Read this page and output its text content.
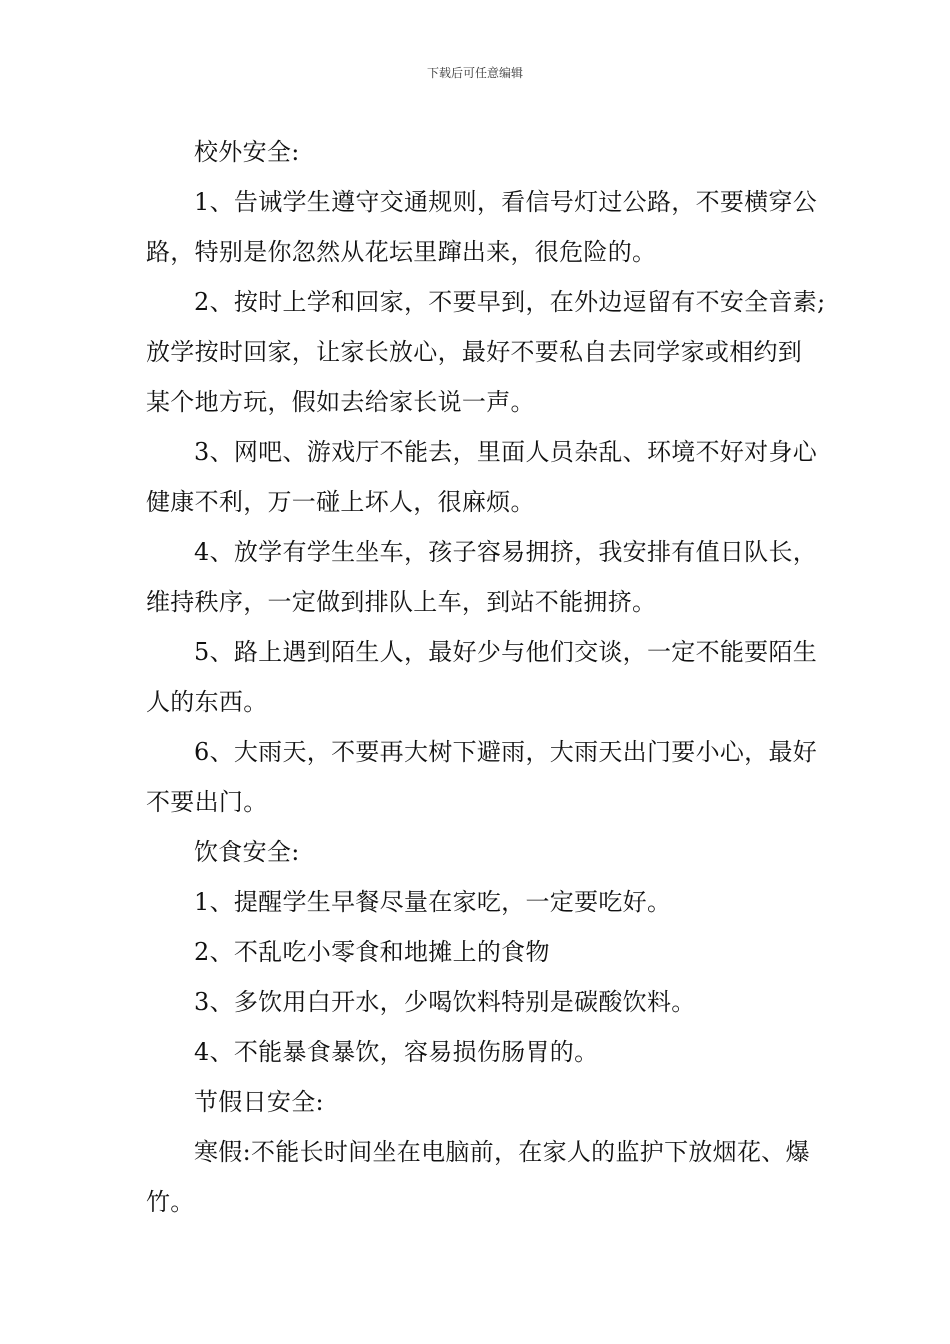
下载后可任意编辑

校外安全:

1、告诫学生遵守交通规则，看信号灯过公路，不要横穿公路，特别是你忽然从花坛里蹿出来，很危险的。

2、按时上学和回家，不要早到，在外边逗留有不安全音素;放学按时回家，让家长放心，最好不要私自去同学家或相约到某个地方玩，假如去给家长说一声。

3、网吧、游戏厅不能去，里面人员杂乱、环境不好对身心健康不利，万一碰上坏人，很麻烦。

4、放学有学生坐车，孩子容易拥挤，我安排有值日队长，维持秩序，一定做到排队上车，到站不能拥挤。

5、路上遇到陌生人，最好少与他们交谈，一定不能要陌生人的东西。

6、大雨天，不要再大树下避雨，大雨天出门要小心，最好不要出门。

饮食安全:

1、提醒学生早餐尽量在家吃，一定要吃好。

2、不乱吃小零食和地摊上的食物

3、多饮用白开水，少喝饮料特别是碳酸饮料。

4、不能暴食暴饮，容易损伤肠胃的。

节假日安全:

寒假:不能长时间坐在电脑前，在家人的监护下放烟花、爆竹。
